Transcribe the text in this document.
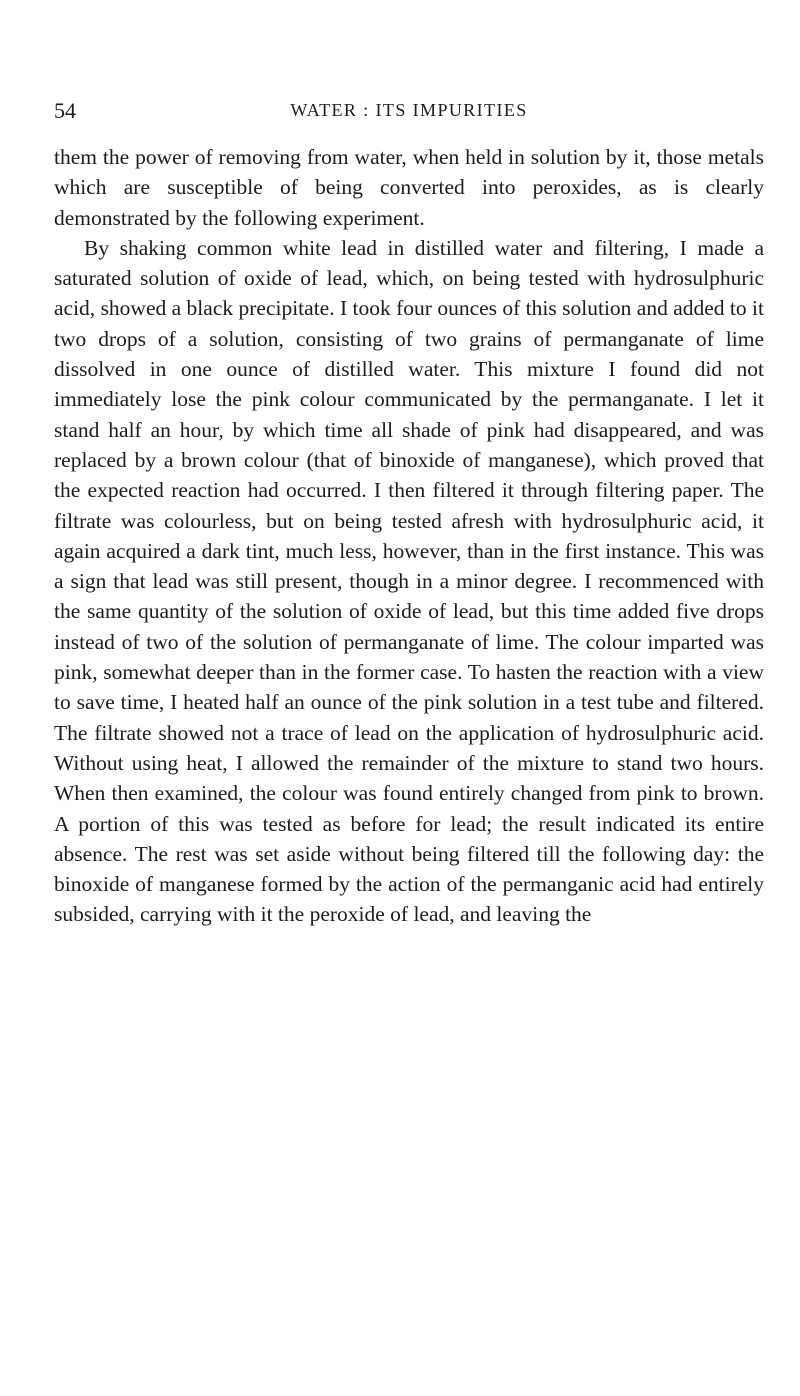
54	WATER : ITS IMPURITIES

them the power of removing from water, when held in solution by it, those metals which are susceptible of being converted into peroxides, as is clearly demonstrated by the following experiment.

By shaking common white lead in distilled water and filtering, I made a saturated solution of oxide of lead, which, on being tested with hydrosulphuric acid, showed a black precipitate. I took four ounces of this solution and added to it two drops of a solution, consisting of two grains of permanganate of lime dissolved in one ounce of distilled water. This mixture I found did not immediately lose the pink colour communicated by the permanganate. I let it stand half an hour, by which time all shade of pink had disappeared, and was replaced by a brown colour (that of binoxide of manganese), which proved that the expected reaction had occurred. I then filtered it through filtering paper. The filtrate was colourless, but on being tested afresh with hydrosulphuric acid, it again acquired a dark tint, much less, however, than in the first instance. This was a sign that lead was still present, though in a minor degree. I recommenced with the same quantity of the solution of oxide of lead, but this time added five drops instead of two of the solution of permanganate of lime. The colour imparted was pink, somewhat deeper than in the former case. To hasten the reaction with a view to save time, I heated half an ounce of the pink solution in a test tube and filtered. The filtrate showed not a trace of lead on the application of hydrosulphuric acid. Without using heat, I allowed the remainder of the mixture to stand two hours. When then examined, the colour was found entirely changed from pink to brown. A portion of this was tested as before for lead; the result indicated its entire absence. The rest was set aside without being filtered till the following day: the binoxide of manganese formed by the action of the permanganic acid had entirely subsided, carrying with it the peroxide of lead, and leaving the
